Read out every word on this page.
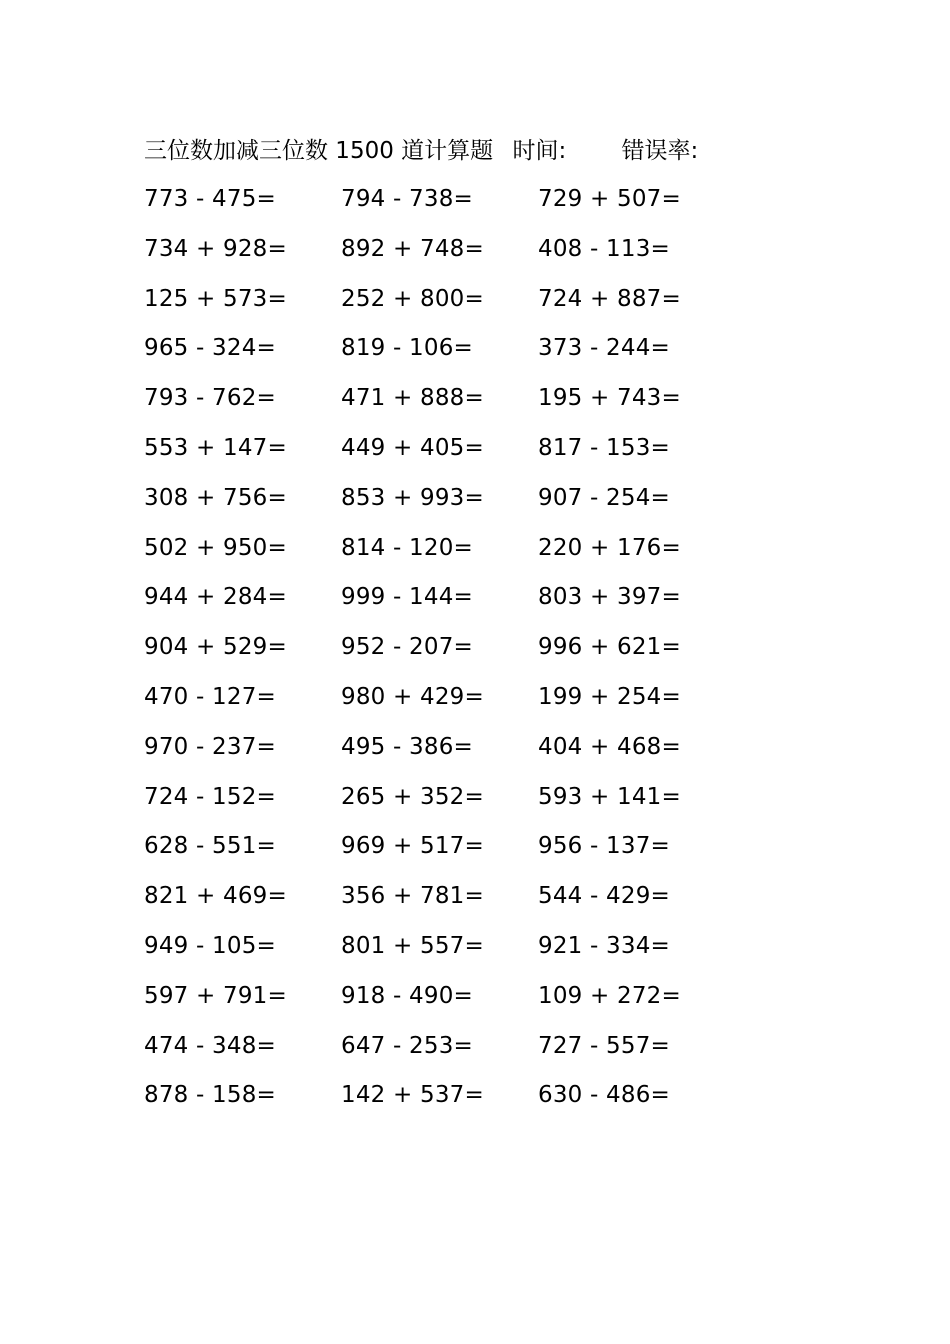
三位数加减三位数 1500 道计算题 时间: 错误率:
773 - 475=	794 - 738=	729 + 507=
734 + 928=	892 + 748=	408 - 113=
125 + 573=	252 + 800=	724 + 887=
965 - 324=	819 - 106=	373 - 244=
793 - 762=	471 + 888=	195 + 743=
553 + 147=	449 + 405=	817 - 153=
308 + 756=	853 + 993=	907 - 254=
502 + 950=	814 - 120=	220 + 176=
944 + 284=	999 - 144=	803 + 397=
904 + 529=	952 - 207=	996 + 621=
470 - 127=	980 + 429=	199 + 254=
970 - 237=	495 - 386=	404 + 468=
724 - 152=	265 + 352=	593 + 141=
628 - 551=	969 + 517=	956 - 137=
821 + 469=	356 + 781=	544 - 429=
949 - 105=	801 + 557=	921 - 334=
597 + 791=	918 - 490=	109 + 272=
474 - 348=	647 - 253=	727 - 557=
878 - 158=	142 + 537=	630 - 486=
